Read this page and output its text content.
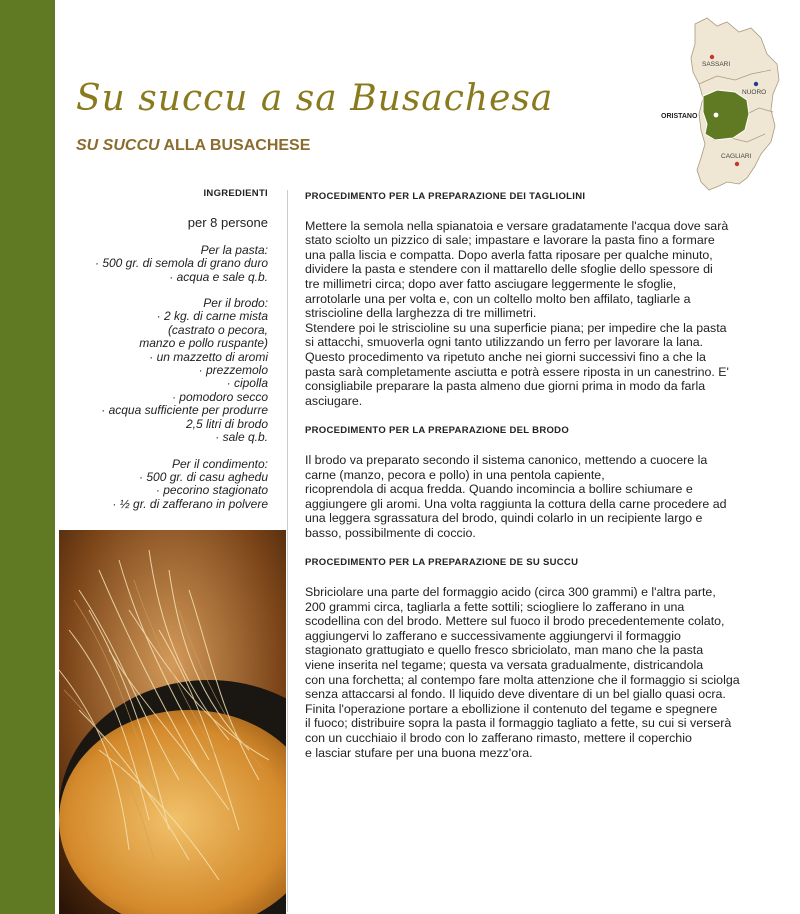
Su succu a sa Busachesa
SU SUCCU ALLA BUSACHESE
SASSARI
NUORO
ORISTANO
CAGLIARI
INGREDIENTI
per 8 persone
Per la pasta:
· 500 gr. di semola di grano duro
· acqua e sale q.b.
Per il brodo:
· 2 kg. di carne mista
(castrato o pecora,
manzo e pollo ruspante)
· un mazzetto di aromi
· prezzemolo
· cipolla
· pomodoro secco
· acqua sufficiente per produrre
2,5 litri di brodo
· sale q.b.
Per il condimento:
· 500 gr. di casu aghedu
· pecorino stagionato
· ½ gr. di zafferano in polvere
PROCEDIMENTO PER LA PREPARAZIONE DEI TAGLIOLINI
Mettere la semola nella spianatoia e versare gradatamente l'acqua dove sarà
stato sciolto un pizzico di sale; impastare e lavorare la pasta fino a formare
una palla liscia e compatta. Dopo averla fatta riposare per qualche minuto,
dividere la pasta e stendere con il mattarello delle sfoglie dello spessore di
tre millimetri circa; dopo aver fatto asciugare leggermente le sfoglie,
arrotolarle una per volta e, con un coltello molto ben affilato, tagliarle a
striscioline della larghezza di tre millimetri.
Stendere poi le striscioline su una superficie piana; per impedire che la pasta
si attacchi, smuoverla ogni tanto utilizzando un ferro per lavorare la lana.
Questo procedimento va ripetuto anche nei giorni successivi fino a che la
pasta sarà completamente asciutta e potrà essere riposta in un canestrino. E'
consigliabile preparare la pasta almeno due giorni prima in modo da farla
asciugare.
PROCEDIMENTO PER LA PREPARAZIONE DEL BRODO
Il brodo va preparato secondo il sistema canonico, mettendo a cuocere la
carne (manzo, pecora e pollo) in una pentola capiente,
ricoprendola di acqua fredda. Quando incomincia a bollire schiumare e
aggiungere gli aromi. Una volta raggiunta la cottura della carne procedere ad
una leggera sgrassatura del brodo, quindi colarlo in un recipiente largo e
basso, possibilmente di coccio.
PROCEDIMENTO PER LA PREPARAZIONE DE SU SUCCU
Sbriciolare una parte del formaggio acido (circa 300 grammi) e l'altra parte,
200 grammi circa, tagliarla a fette sottili; sciogliere lo zafferano in una
scodellina con del brodo. Mettere sul fuoco il brodo precedentemente colato,
aggiungervi lo zafferano e successivamente aggiungervi il formaggio
stagionato grattugiato e quello fresco sbriciolato, man mano che la pasta
viene inserita nel tegame; questa va versata gradualmente, districandola
con una forchetta; al contempo fare molta attenzione che il formaggio si sciolga
senza attaccarsi al fondo. Il liquido deve diventare di un bel giallo quasi ocra.
Finita l'operazione portare a ebollizione il contenuto del tegame e spegnere
il fuoco; distribuire sopra la pasta il formaggio tagliato a fette, su cui si verserà
con un cucchiaio il brodo con lo zafferano rimasto, mettere il coperchio
e lasciar stufare per una buona mezz'ora.
